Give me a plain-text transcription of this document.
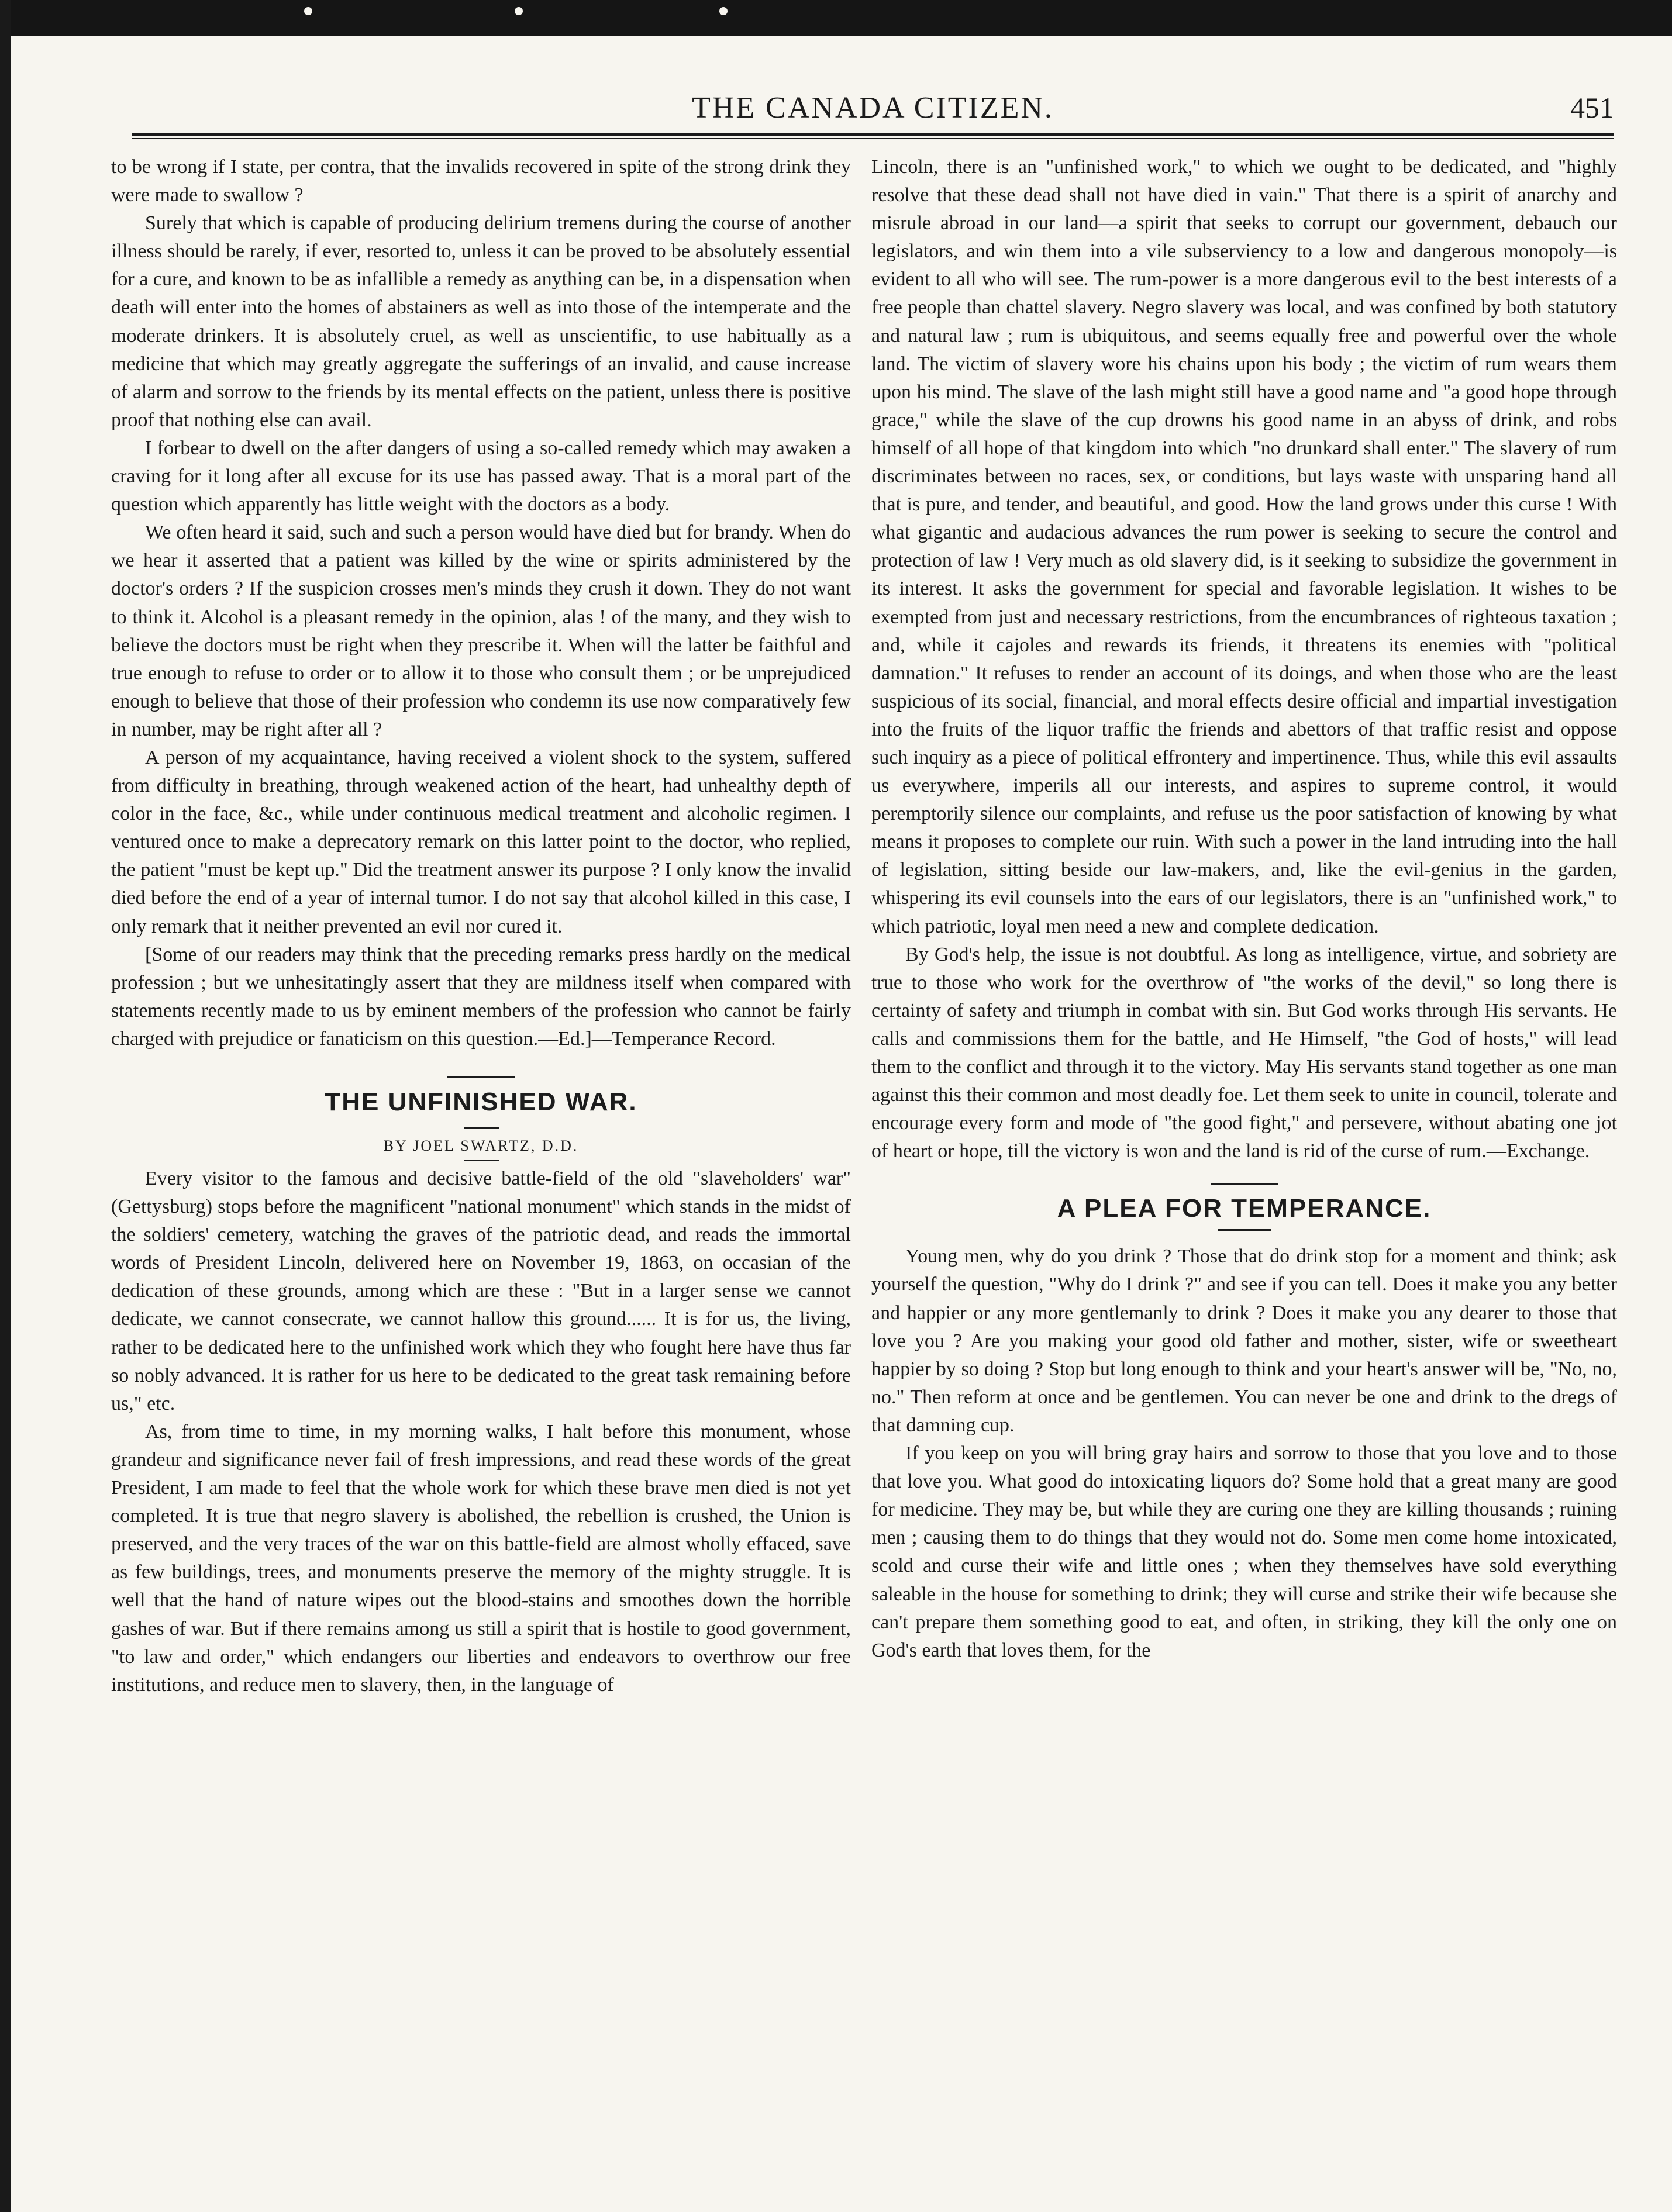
THE CANADA CITIZEN.	451

to be wrong if I state, per contra, that the invalids recovered in spite of the strong drink they were made to swallow ?

Surely that which is capable of producing delirium tremens during the course of another illness should be rarely, if ever, resorted to, unless it can be proved to be absolutely essential for a cure, and known to be as infallible a remedy as anything can be, in a dispensation when death will enter into the homes of abstainers as well as into those of the intemperate and the moderate drinkers. It is absolutely cruel, as well as unscientific, to use habitually as a medicine that which may greatly aggregate the sufferings of an invalid, and cause increase of alarm and sorrow to the friends by its mental effects on the patient, unless there is positive proof that nothing else can avail.

I forbear to dwell on the after dangers of using a so-called remedy which may awaken a craving for it long after all excuse for its use has passed away. That is a moral part of the question which apparently has little weight with the doctors as a body.

We often heard it said, such and such a person would have died but for brandy. When do we hear it asserted that a patient was killed by the wine or spirits administered by the doctor's orders ? If the suspicion crosses men's minds they crush it down. They do not want to think it. Alcohol is a pleasant remedy in the opinion, alas ! of the many, and they wish to believe the doctors must be right when they prescribe it. When will the latter be faithful and true enough to refuse to order or to allow it to those who consult them ; or be unprejudiced enough to believe that those of their profession who condemn its use now comparatively few in number, may be right after all ?

A person of my acquaintance, having received a violent shock to the system, suffered from difficulty in breathing, through weakened action of the heart, had unhealthy depth of color in the face, &c., while under continuous medical treatment and alcoholic regimen. I ventured once to make a deprecatory remark on this latter point to the doctor, who replied, the patient "must be kept up." Did the treatment answer its purpose ? I only know the invalid died before the end of a year of internal tumor. I do not say that alcohol killed in this case, I only remark that it neither prevented an evil nor cured it.

[Some of our readers may think that the preceding remarks press hardly on the medical profession ; but we unhesitatingly assert that they are mildness itself when compared with statements recently made to us by eminent members of the profession who cannot be fairly charged with prejudice or fanaticism on this question.—Ed.]—Temperance Record.

THE UNFINISHED WAR.
BY JOEL SWARTZ, D.D.

Every visitor to the famous and decisive battle-field of the old "slaveholders' war" (Gettysburg) stops before the magnificent "national monument" which stands in the midst of the soldiers' cemetery, watching the graves of the patriotic dead, and reads the immortal words of President Lincoln, delivered here on November 19, 1863, on occasian of the dedication of these grounds, among which are these : "But in a larger sense we cannot dedicate, we cannot consecrate, we cannot hallow this ground...... It is for us, the living, rather to be dedicated here to the unfinished work which they who fought here have thus far so nobly advanced. It is rather for us here to be dedicated to the great task remaining before us," etc.

As, from time to time, in my morning walks, I halt before this monument, whose grandeur and significance never fail of fresh impressions, and read these words of the great President, I am made to feel that the whole work for which these brave men died is not yet completed. It is true that negro slavery is abolished, the rebellion is crushed, the Union is preserved, and the very traces of the war on this battle-field are almost wholly effaced, save as few buildings, trees, and monuments preserve the memory of the mighty struggle. It is well that the hand of nature wipes out the blood-stains and smoothes down the horrible gashes of war. But if there remains among us still a spirit that is hostile to good government, "to law and order," which endangers our liberties and endeavors to overthrow our free institutions, and reduce men to slavery, then, in the language of

Lincoln, there is an "unfinished work," to which we ought to be dedicated, and "highly resolve that these dead shall not have died in vain." That there is a spirit of anarchy and misrule abroad in our land—a spirit that seeks to corrupt our government, debauch our legislators, and win them into a vile subserviency to a low and dangerous monopoly—is evident to all who will see. The rum-power is a more dangerous evil to the best interests of a free people than chattel slavery. Negro slavery was local, and was confined by both statutory and natural law ; rum is ubiquitous, and seems equally free and powerful over the whole land. The victim of slavery wore his chains upon his body ; the victim of rum wears them upon his mind. The slave of the lash might still have a good name and "a good hope through grace," while the slave of the cup drowns his good name in an abyss of drink, and robs himself of all hope of that kingdom into which "no drunkard shall enter." The slavery of rum discriminates between no races, sex, or conditions, but lays waste with unsparing hand all that is pure, and tender, and beautiful, and good. How the land grows under this curse ! With what gigantic and audacious advances the rum power is seeking to secure the control and protection of law ! Very much as old slavery did, is it seeking to subsidize the government in its interest. It asks the government for special and favorable legislation. It wishes to be exempted from just and necessary restrictions, from the encumbrances of righteous taxation ; and, while it cajoles and rewards its friends, it threatens its enemies with "political damnation." It refuses to render an account of its doings, and when those who are the least suspicious of its social, financial, and moral effects desire official and impartial investigation into the fruits of the liquor traffic the friends and abettors of that traffic resist and oppose such inquiry as a piece of political effrontery and impertinence. Thus, while this evil assaults us everywhere, imperils all our interests, and aspires to supreme control, it would peremptorily silence our complaints, and refuse us the poor satisfaction of knowing by what means it proposes to complete our ruin. With such a power in the land intruding into the hall of legislation, sitting beside our law-makers, and, like the evil-genius in the garden, whispering its evil counsels into the ears of our legislators, there is an "unfinished work," to which patriotic, loyal men need a new and complete dedication.

By God's help, the issue is not doubtful. As long as intelligence, virtue, and sobriety are true to those who work for the overthrow of "the works of the devil," so long there is certainty of safety and triumph in combat with sin. But God works through His servants. He calls and commissions them for the battle, and He Himself, "the God of hosts," will lead them to the conflict and through it to the victory. May His servants stand together as one man against this their common and most deadly foe. Let them seek to unite in council, tolerate and encourage every form and mode of "the good fight," and persevere, without abating one jot of heart or hope, till the victory is won and the land is rid of the curse of rum.—Exchange.

A PLEA FOR TEMPERANCE.

Young men, why do you drink ? Those that do drink stop for a moment and think; ask yourself the question, "Why do I drink ?" and see if you can tell. Does it make you any better and happier or any more gentlemanly to drink ? Does it make you any dearer to those that love you ? Are you making your good old father and mother, sister, wife or sweetheart happier by so doing ? Stop but long enough to think and your heart's answer will be, "No, no, no." Then reform at once and be gentlemen. You can never be one and drink to the dregs of that damning cup.

If you keep on you will bring gray hairs and sorrow to those that you love and to those that love you. What good do intoxicating liquors do? Some hold that a great many are good for medicine. They may be, but while they are curing one they are killing thousands ; ruining men ; causing them to do things that they would not do. Some men come home intoxicated, scold and curse their wife and little ones ; when they themselves have sold everything saleable in the house for something to drink; they will curse and strike their wife because she can't prepare them something good to eat, and often, in striking, they kill the only one on God's earth that loves them, for the
